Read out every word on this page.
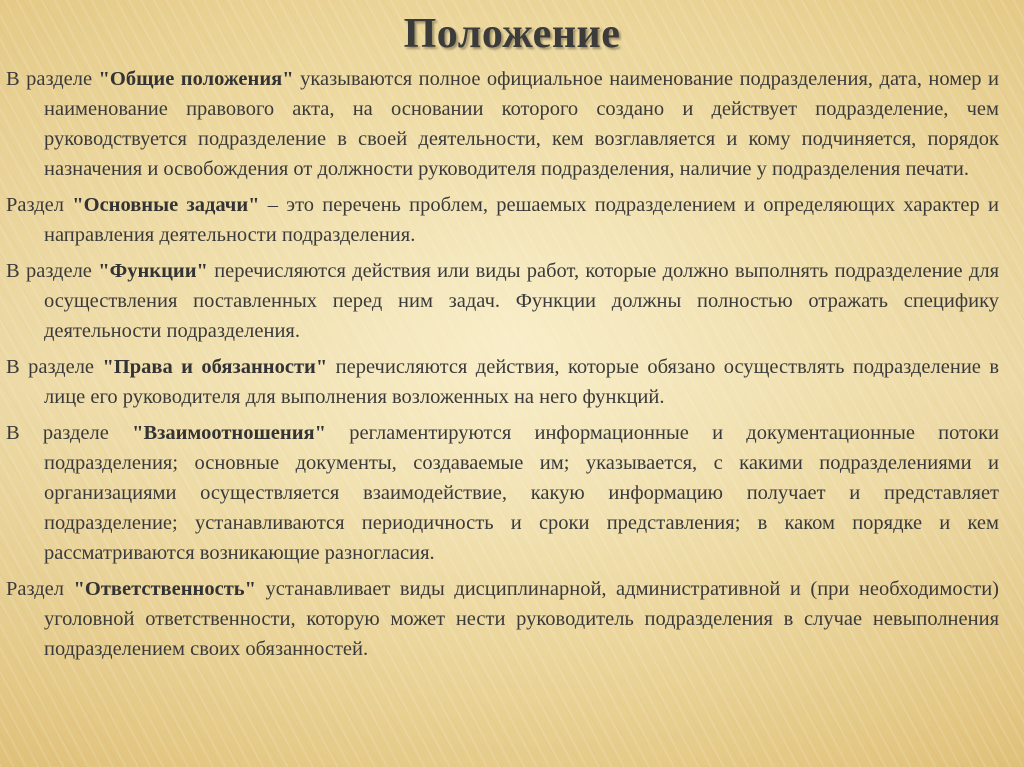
Положение

В разделе "Общие положения" указываются полное официальное наименование подразделения, дата, номер и наименование правового акта, на основании которого создано и действует подразделение, чем руководствуется подразделение в своей деятельности, кем возглавляется и кому подчиняется, порядок назначения и освобождения от должности руководителя подразделения, наличие у подразделения печати.

Раздел "Основные задачи" – это перечень проблем, решаемых подразделением и определяющих характер и направления деятельности подразделения.

В разделе "Функции" перечисляются действия или виды работ, которые должно выполнять подразделение для осуществления поставленных перед ним задач. Функции должны полностью отражать специфику деятельности подразделения.

В разделе "Права и обязанности" перечисляются действия, которые обязано осуществлять подразделение в лице его руководителя для выполнения возложенных на него функций.

В разделе "Взаимоотношения" регламентируются информационные и документационные потоки подразделения; основные документы, создаваемые им; указывается, с какими подразделениями и организациями осуществляется взаимодействие, какую информацию получает и представляет подразделение; устанавливаются периодичность и сроки представления; в каком порядке и кем рассматриваются возникающие разногласия.

Раздел "Ответственность" устанавливает виды дисциплинарной, административной и (при необходимости) уголовной ответственности, которую может нести руководитель подразделения в случае невыполнения подразделением своих обязанностей.
